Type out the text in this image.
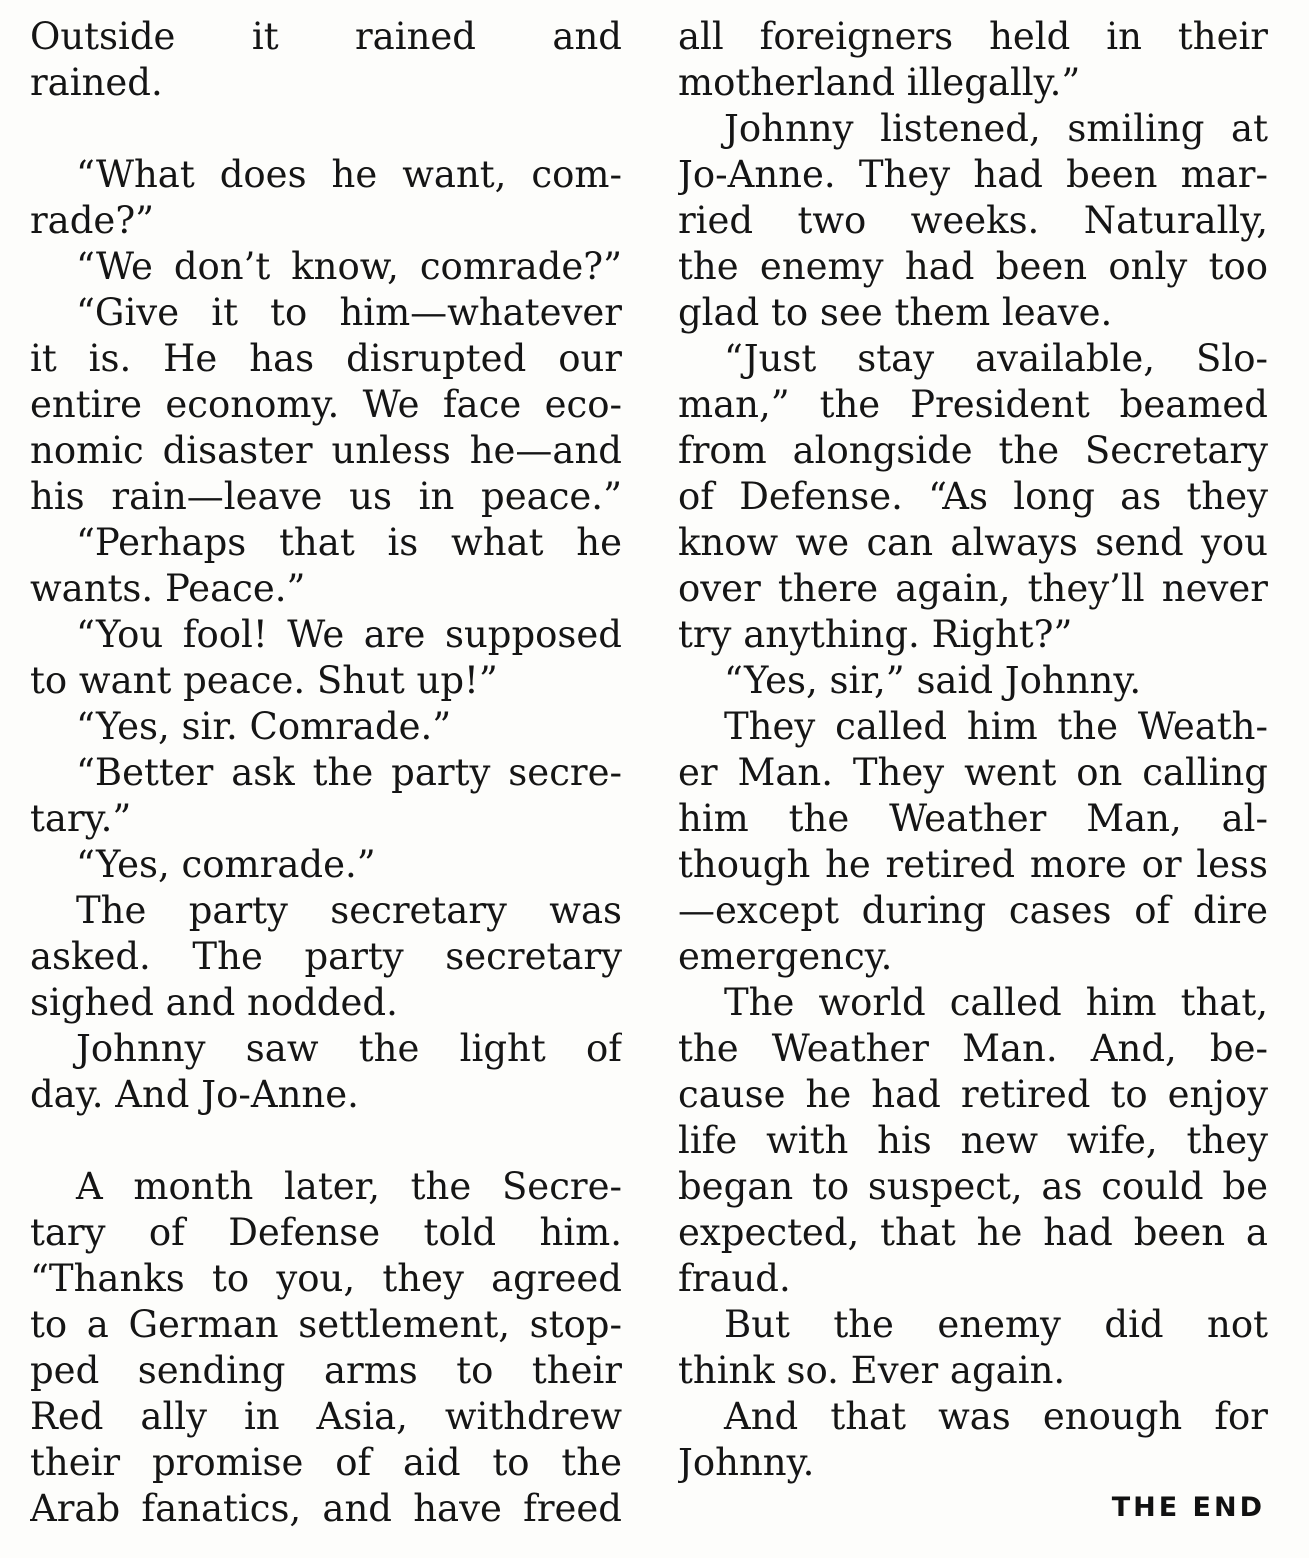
Outside it rained and
rained.
“What does he want, com-
rade?”
“We don’t know, comrade?”
“Give it to him—whatever
it is. He has disrupted our
entire economy. We face eco-
nomic disaster unless he—and
his rain—leave us in peace.”
“Perhaps that is what he
wants. Peace.”
“You fool! We are supposed
to want peace. Shut up!”
“Yes, sir. Comrade.”
“Better ask the party secre-
tary.”
“Yes, comrade.”
The party secretary was
asked. The party secretary
sighed and nodded.
Johnny saw the light of
day. And Jo-Anne.
A month later, the Secre-
tary of Defense told him.
“Thanks to you, they agreed
to a German settlement, stop-
ped sending arms to their
Red ally in Asia, withdrew
their promise of aid to the
Arab fanatics, and have freed
all foreigners held in their
motherland illegally.”
Johnny listened, smiling at
Jo-Anne. They had been mar-
ried two weeks. Naturally,
the enemy had been only too
glad to see them leave.
“Just stay available, Slo-
man,” the President beamed
from alongside the Secretary
of Defense. “As long as they
know we can always send you
over there again, they’ll never
try anything. Right?”
“Yes, sir,” said Johnny.
They called him the Weath-
er Man. They went on calling
him the Weather Man, al-
though he retired more or less
—except during cases of dire
emergency.
The world called him that,
the Weather Man. And, be-
cause he had retired to enjoy
life with his new wife, they
began to suspect, as could be
expected, that he had been a
fraud.
But the enemy did not
think so. Ever again.
And that was enough for
Johnny.
THE END
